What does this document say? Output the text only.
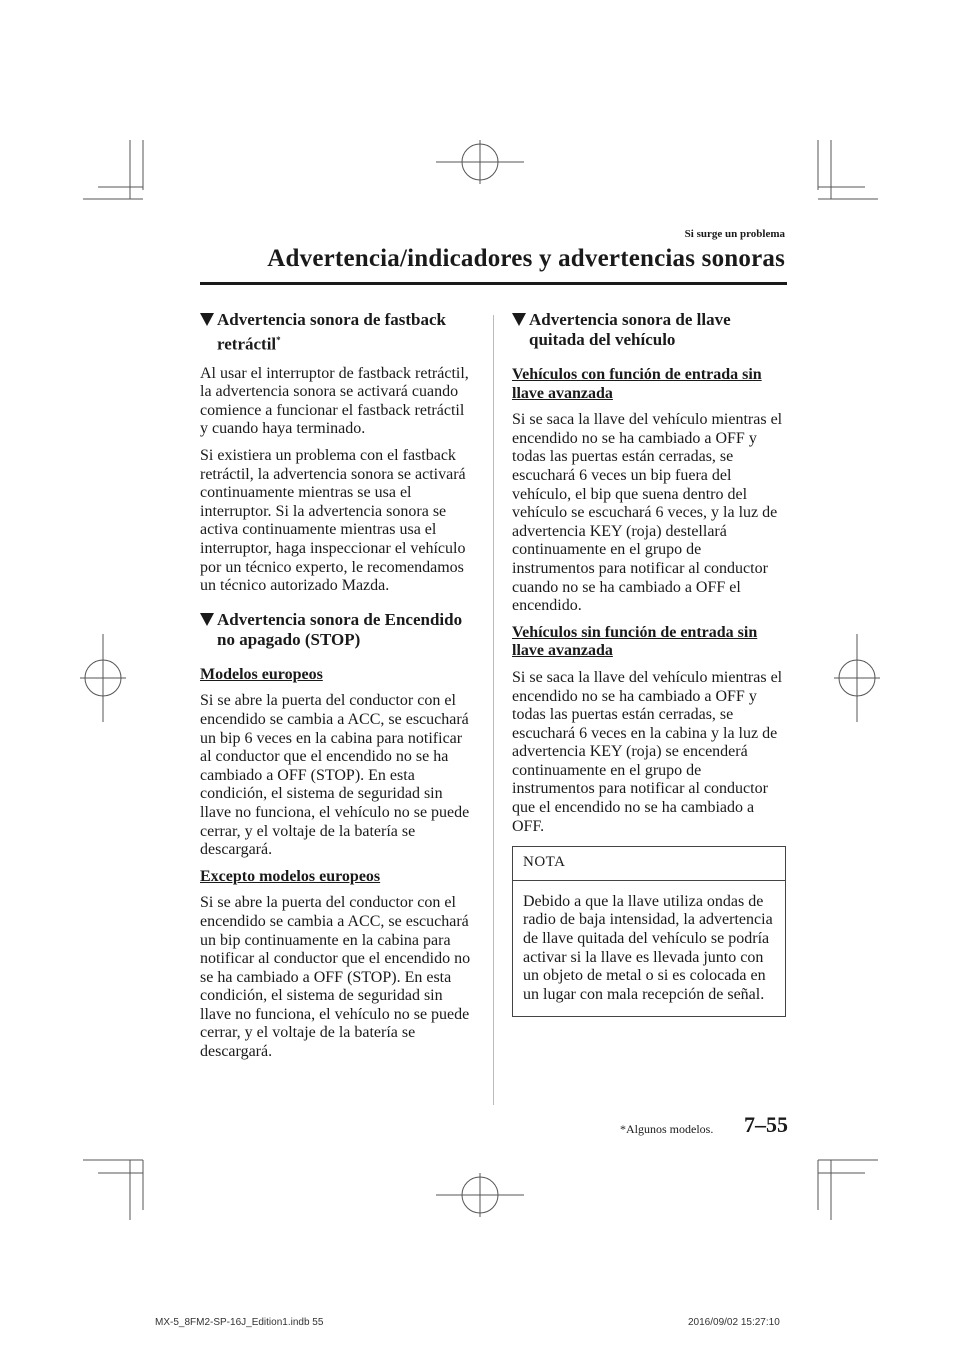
Si surge un problema
Advertencia/indicadores y advertencias sonoras
Advertencia sonora de fastback
retráctil*

Al usar el interruptor de fastback retráctil, la advertencia sonora se activará cuando comience a funcionar el fastback retráctil y cuando haya terminado.

Si existiera un problema con el fastback retráctil, la advertencia sonora se activará continuamente mientras se usa el interruptor. Si la advertencia sonora se activa continuamente mientras usa el interruptor, haga inspeccionar el vehículo por un técnico experto, le recomendamos un técnico autorizado Mazda.

Advertencia sonora de Encendido
no apagado (STOP)
Modelos europeos

Si se abre la puerta del conductor con el encendido se cambia a ACC, se escuchará un bip 6 veces en la cabina para notificar al conductor que el encendido no se ha cambiado a OFF (STOP). En esta condición, el sistema de seguridad sin llave no funciona, el vehículo no se puede cerrar, y el voltaje de la batería se descargará.

Excepto modelos europeos

Si se abre la puerta del conductor con el encendido se cambia a ACC, se escuchará un bip continuamente en la cabina para notificar al conductor que el encendido no se ha cambiado a OFF (STOP). En esta condición, el sistema de seguridad sin llave no funciona, el vehículo no se puede cerrar, y el voltaje de la batería se descargará.

Advertencia sonora de llave
quitada del vehículo
Vehículos con función de entrada sin llave avanzada

Si se saca la llave del vehículo mientras el encendido no se ha cambiado a OFF y todas las puertas están cerradas, se escuchará 6 veces un bip fuera del vehículo, el bip que suena dentro del vehículo se escuchará 6 veces, y la luz de advertencia KEY (roja) destellará continuamente en el grupo de instrumentos para notificar al conductor cuando no se ha cambiado a OFF el encendido.

Vehículos sin función de entrada sin llave avanzada

Si se saca la llave del vehículo mientras el encendido no se ha cambiado a OFF y todas las puertas están cerradas, se escuchará 6 veces en la cabina y la luz de advertencia KEY (roja) se encenderá continuamente en el grupo de instrumentos para notificar al conductor que el encendido no se ha cambiado a OFF.

NOTA
Debido a que la llave utiliza ondas de radio de baja intensidad, la advertencia de llave quitada del vehículo se podría activar si la llave es llevada junto con un objeto de metal o si es colocada en un lugar con mala recepción de señal.
*Algunos modelos. 7–55
MX-5_8FM2-SP-16J_Edition1.indb 55	2016/09/02 15:27:10
